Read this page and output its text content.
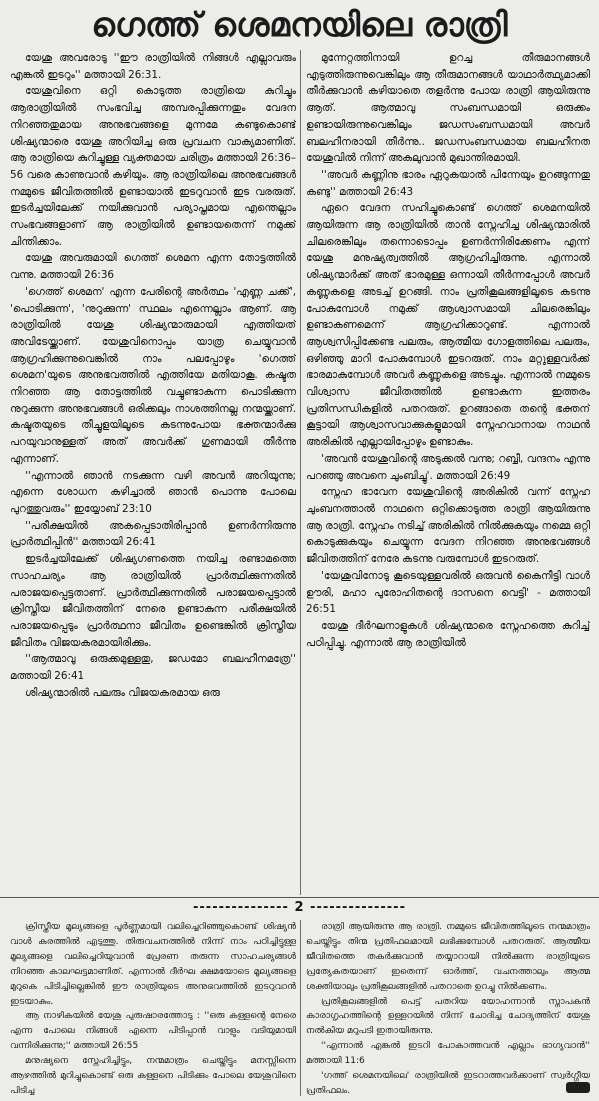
ഗെത്ത് ശെമനയിലെ രാത്രി

യേശു അവരോടു ''ഈ രാത്രിയിൽ നിങ്ങൾ എല്ലാവരും എങ്കൽ ഇടറും'' മത്തായി 26:31.

യേശുവിനെ ഒറ്റി കൊടുത്ത രാത്രിയെ കുറിച്ചും ആരാത്രിയിൽ സംഭവിച്ച അമ്പരപ്പിക്കുന്നതും വേദന നിറഞ്ഞതുമായ അനുഭവങ്ങളെ മുന്നമേ കണ്ടുകൊണ്ട് ശിഷ്യന്മാരെ യേശു അറിയിച്ച ഒരു പ്രവചന വാക്യമാണിത്. ആ രാത്രിയെ കുറിച്ചുള്ള വ്യക്തമായ ചരിത്രം മത്തായി 26:36–56 വരെ കാണുവാൻ കഴിയും. ആ രാത്രിയിലെ അനുഭവങ്ങൾ നമ്മുടെ ജീവിതത്തിൽ ഉണ്ടായാൽ ഇടറുവാൻ ഇട വരരുത്. ഇടർച്ചയിലേക്ക് നയിക്കുവാൻ പര്യാപ്തമായ എന്തെല്ലാം സംഭവങ്ങളാണ് ആ രാത്രിയിൽ ഉണ്ടായതെന്ന് നമുക്ക് ചിന്തിക്കാം.

യേശു അവരുമായി ഗെത്ത് ശെമന എന്ന തോട്ടത്തിൽ വന്നു. മത്തായി 26:36

'ഗെത്ത് ശെമന' എന്ന പേരിന്റെ അർത്ഥം 'എണ്ണ ചക്ക്', 'പൊടിക്കുന്ന', 'നുറുക്കുന്ന' സ്ഥലം എന്നെല്ലാം ആണ്. ആ രാത്രിയിൽ യേശു ശിഷ്യന്മാരുമായി എത്തിയത് അവിടേയ്ക്കാണ്. യേശുവിനൊപ്പം യാത്ര ചെയ്യുവാൻ ആഗ്രഹിക്കുന്നുവെങ്കിൽ നാം പലപ്പോഴും 'ഗെത്ത് ശെമന'യുടെ അനുഭവത്തിൽ എത്തിയേ മതിയാകൂ. കഷ്ടത നിറഞ്ഞ ആ തോട്ടത്തിൽ വച്ചുണ്ടാകുന്ന പൊടിക്കുന്ന നുറുക്കുന്ന അനുഭവങ്ങൾ ഒരിക്കലും നാശത്തിനല്ല നന്മയ്ക്കാണ്. കഷ്ടതയുടെ തീച്ചൂളയിലൂടെ കടന്നുപോയ ഭക്തന്മാർക്കു പറയുവാനുള്ളത് അത് അവർക്ക് ഗുണമായി തീർന്നു എന്നാണ്.

''എന്നാൽ ഞാൻ നടക്കുന്ന വഴി അവൻ അറിയുന്നു; എന്നെ ശോധന കഴിച്ചാൽ ഞാൻ പൊന്നു പോലെ പുറത്തുവരും'' ഇയ്യോബ് 23:10

''പരീക്ഷയിൽ അകപ്പെടാതിരിപ്പാൻ ഉണർന്നിരുന്നു പ്രാർത്ഥിപ്പിൻ'' മത്തായി 26:41

ഇടർച്ചയിലേക്ക് ശിഷ്യഗണത്തെ നയിച്ച രണ്ടാമത്തെ സാഹചര്യം ആ രാത്രിയിൽ പ്രാർത്ഥിക്കുന്നതിൽ പരാജയപ്പെട്ടതാണ്. പ്രാർത്ഥിക്കുന്നതിൽ പരാജയപ്പെട്ടാൽ ക്രിസ്തീയ ജീവിതത്തിന് നേരെ ഉണ്ടാകുന്ന പരീക്ഷയിൽ പരാജയപ്പെടും പ്രാർത്ഥനാ ജീവിതം ഉണ്ടെങ്കിൽ ക്രിസ്തീയ ജീവിതം വിജയകരമായിരിക്കും.

''ആത്മാവു ഒരുക്കമുള്ളതു, ജഡമോ ബലഹീനമത്രേ'' മത്തായി 26:41

ശിഷ്യന്മാരിൽ പലരും വിജയകരമായ ഒരു

മുന്നേറ്റത്തിനായി ഉറച്ച തീരുമാനങ്ങൾ എടുത്തിരുന്നുവെങ്കിലും ആ തീരുമാനങ്ങൾ യാഥാർത്ഥ്യമാക്കി തീർക്കുവാൻ കഴിയാതെ തളർന്നു പോയ രാത്രി ആയിരുന്നു ആത്. ആത്മാവു സംബന്ധമായി ഒരുക്കം ഉണ്ടായിരുന്നുവെങ്കിലും ജഡസംബന്ധമായി അവർ ബലഹീനരായി തീർന്നു.. ജഡസംബന്ധമായ ബലഹീനത യേശുവിൽ നിന്ന് അകലുവാൻ മുഖാന്തിരമായി.

''അവർ കണ്ണിനു ഭാരം ഏറുകയാൽ പിന്നേയും ഉറങ്ങുന്നതു കണ്ടു'' മത്തായി 26:43

ഏറെ വേദന സഹിച്ചുകൊണ്ട് ഗെത്ത് ശെമനയിൽ ആയിരുന്ന ആ രാത്രിയിൽ താൻ സ്നേഹിച്ച ശിഷ്യന്മാരിൽ ചിലരെങ്കിലും തന്നൊടൊപ്പം ഉണർന്നിരിക്കേണം എന്ന് യേശു മനുഷ്യത്വത്തിൽ ആഗ്രഹിച്ചിരുന്നു. എന്നാൽ ശിഷ്യന്മാർക്ക് അത് ഭാരമുള്ള ഒന്നായി തീർന്നപ്പോൾ അവർ കണ്ണുകളെ അടച്ച് ഉറങ്ങി. നാം പ്രതികൂലങ്ങളിലൂടെ കടന്നു പോകുമ്പോൾ നമുക്ക് ആശ്വാസമായി ചിലരെങ്കിലും ഉണ്ടാകണമെന്ന് ആഗ്രഹിക്കാറുണ്ട്. എന്നാൽ ആശ്വസിപ്പിക്കേണ്ട പലരും, ആത്മീയ ഗോളത്തിലെ പലരും, ഒഴിഞ്ഞു മാറി പോകുമ്പോൾ ഇടറരുത്. നാം മറ്റുള്ളവർക്ക് ഭാരമാകുമ്പോൾ അവർ കണ്ണുകളെ അടച്ചും. എന്നാൽ നമ്മുടെ വിശ്വാസ ജീവിതത്തിൽ ഉണ്ടാകുന്ന ഇത്തരം പ്രതിസന്ധികളിൽ പതറരുത്. ഉറങ്ങാതെ തന്റെ ഭക്തന് കൂട്ടായി ആശ്വാസവാക്കുകളുമായി സ്നേഹവാനായ നാഥൻ അരികിൽ എല്ലായിപ്പോഴും ഉണ്ടാകും.

'അവൻ യേശുവിന്റെ അടുക്കൽ വന്നു; റബ്ബീ, വന്ദനം എന്നു പറഞ്ഞു അവനെ ചുംബിച്ചു'. മത്തായി 26:49

സ്നേഹ ഭാവേന യേശുവിന്റെ അരികിൽ വന്ന് സ്നേഹ ചുംബനത്താൽ നാഥനെ ഒറ്റിക്കൊടുത്ത രാത്രി ആയിരുന്നു ആ രാത്രി. സ്നേഹം നടിച്ച് അരികിൽ നിൽക്കുകയും നമ്മെ ഒറ്റി കൊടുക്കുകയും ചെയ്യുന്ന വേദന നിറഞ്ഞ അനുഭവങ്ങൾ ജീവിതത്തിന് നേരേ കടന്നു വരുമ്പോൾ ഇടറരുത്.

'യേശുവിനോടു കൂടെയുള്ളവരിൽ ഒരുവൻ കൈനീട്ടി വാൾ ഊരി, മഹാ പുരോഹിതന്റെ ദാസനെ വെട്ടി' - മത്തായി 26:51

യേശു ദീർഘനാളുകൾ ശിഷ്യന്മാരെ സ്നേഹത്തെ കുറിച്ച് പഠിപ്പിച്ചു. എന്നാൽ ആ രാത്രിയിൽ

--------------- 2 ---------------

ക്രിസ്തീയ മൂല്യങ്ങളെ പൂർണ്ണമായി വലിച്ചെറിഞ്ഞുകൊണ്ട് ശിഷ്യൻ വാൾ കരത്തിൽ എടുത്തു. തിരുവചനത്തിൽ നിന്ന് നാം പഠിച്ചിട്ടുള്ള മൂല്യങ്ങളെ വലിച്ചെറിയുവാൻ പ്രേരണ തരുന്ന സാഹചര്യങ്ങൾ നിറഞ്ഞ കാലഘട്ടമാണിത്. എന്നാൽ ദീർഘ ക്ഷമയോടെ മൂല്യങ്ങളെ മുറുകെ പിടിച്ചില്ലെങ്കിൽ ഈ രാത്രിയുടെ അനുഭവത്തിൽ ഇടറുവാൻ ഇടയാകും.

ആ നാഴികയിൽ യേശു പുരുഷാരത്തോടു : ''ഒരു കള്ളന്റെ നേരെ എന്ന പോലെ നിങ്ങൾ എന്നെ പിടിപ്പാൻ വാളും വടിയുമായി വന്നിരിക്കുന്നു;'' മത്തായി 26:55

മനുഷ്യനെ സ്നേഹിച്ചിട്ടും, നന്മമാത്രം ചെയ്തിട്ടും മനസ്സിന്നെ ആഴത്തിൽ മുറിച്ചുകൊണ്ട് ഒരു കള്ളനെ പിടിക്കും പോലെ യേശുവിനെ പിടിച്ച

രാത്രി ആയിരുന്നു ആ രാത്രി. നമ്മുടെ ജീവിതത്തിലൂടെ നന്മമാത്രം ചെയ്തിട്ടും തിന്മ പ്രതിഫലമായി ലഭിക്കുമ്പോൾ പതറരുത്. ആത്മീയ ജീവിതത്തെ തകർക്കുവാൻ തയ്യാറായി നിൽക്കുന്ന രാത്രിയുടെ പ്രത്യേകതയാണ് ഇതെന്ന് ഓർത്ത്, വചനത്താലും ആത്മ ശക്തിയാലും പ്രതികൂലങ്ങളിൽ പതറാതെ ഉറച്ചു നിൽക്കണം.

പ്രതികൂലങ്ങളിൽ പെട്ട് പതറിയ യോഹന്നാൻ സ്നാപകൻ കാരാഗൃഹത്തിന്റെ ഉള്ളറയിൽ നിന്ന് ചോദിച്ച ചോദ്യത്തിന് യേശു നൽകിയ മറുപടി ഇതായിരുന്നു.

''എന്നാൽ എങ്കൽ ഇടറി പോകാത്തവൻ എല്ലാം ഭാഗ്യവാൻ'' മത്തായി 11:6

'ഗത്ത് ശെമനയിലെ' രാത്രിയിൽ ഇടറാത്തവർക്കാണ് സ്വർഗ്ഗീയ പ്രതിഫലം.
